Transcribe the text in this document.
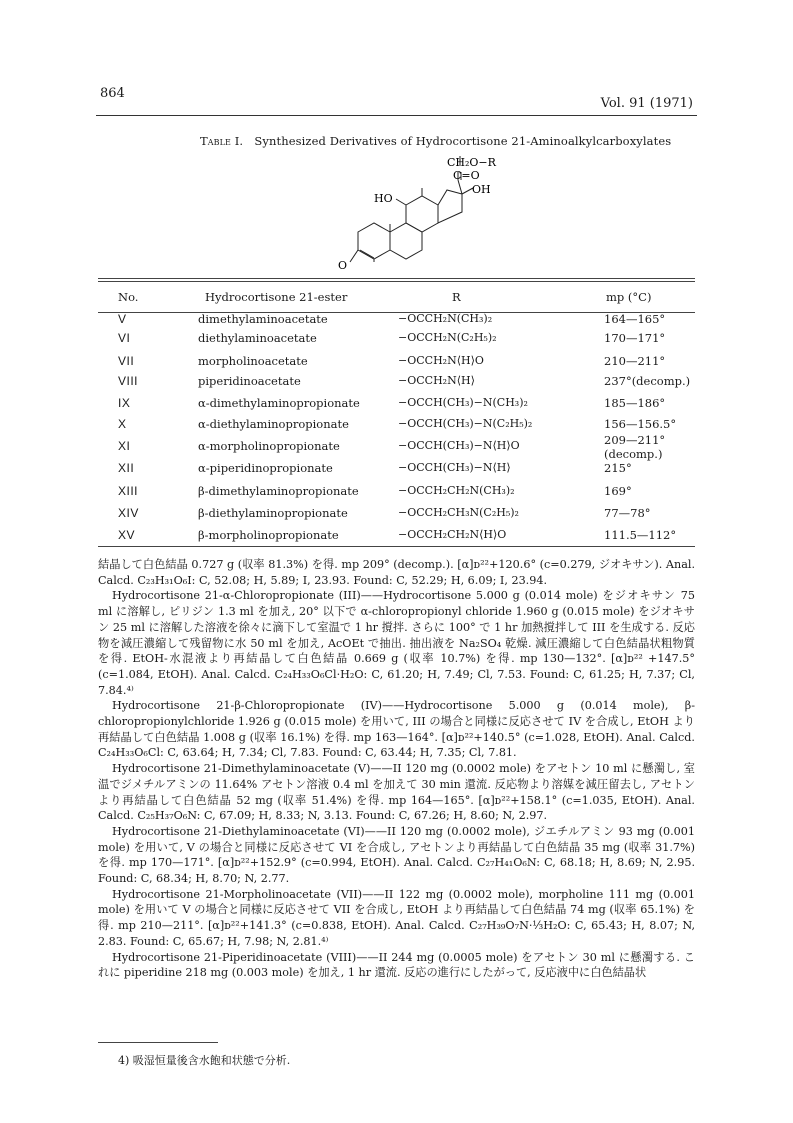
864
Vol. 91 (1971)
Table I. Synthesized Derivatives of Hydrocortisone 21-Aminoalkylcarboxylates
CH₂O−R
C=O
OH
HO
O
No.	Hydrocortisone 21-ester	R	mp (°C)
V	dimethylaminoacetate	−OCCH₂N(CH₃)₂	164—165°
VI	diethylaminoacetate	−OCCH₂N(C₂H₅)₂	170—171°
VII	morpholinoacetate	−OCCH₂N⟨H⟩O	210—211°
VIII	piperidinoacetate	−OCCH₂N⟨H⟩	237°(decomp.)
IX	α-dimethylaminopropionate	−OCCH(CH₃)−N(CH₃)₂	185—186°
X	α-diethylaminopropionate	−OCCH(CH₃)−N(C₂H₅)₂	156—156.5°
XI	α-morpholinopropionate	−OCCH(CH₃)−N⟨H⟩O	209—211°
(decomp.)
XII	α-piperidinopropionate	−OCCH(CH₃)−N⟨H⟩	215°
XIII	β-dimethylaminopropionate	−OCCH₂CH₂N(CH₃)₂	169°
XIV	β-diethylaminopropionate	−OCCH₂CH₃N(C₂H₅)₂	77—78°
XV	β-morpholinopropionate	−OCCH₂CH₂N⟨H⟩O	111.5—112°

結晶して白色結晶 0.727 g (収率 81.3%) を得. mp 209° (decomp.). [α]ᴅ²²+120.6° (c=0.279, ジオキサン). Anal. Calcd. C₂₃H₃₁O₆I: C, 52.08; H, 5.89; I, 23.93. Found: C, 52.29; H, 6.09; I, 23.94.

Hydrocortisone 21-α-Chloropropionate (III)——Hydrocortisone 5.000 g (0.014 mole) をジオキサン 75 ml に溶解し, ピリジン 1.3 ml を加え, 20° 以下で α-chloropropionyl chloride 1.960 g (0.015 mole) をジオキサン 25 ml に溶解した溶液を徐々に滴下して室温で 1 hr 撹拌. さらに 100° で 1 hr 加熱撹拌して III を生成する. 反応物を減圧濃縮して残留物に水 50 ml を加え, AcOEt で抽出. 抽出液を Na₂SO₄ 乾燥. 減圧濃縮して白色結晶状粗物質を得. EtOH-水混液より再結晶して白色結晶 0.669 g (収率 10.7%) を得. mp 130—132°. [α]ᴅ²² +147.5° (c=1.084, EtOH). Anal. Calcd. C₂₄H₃₃O₆Cl·H₂O: C, 61.20; H, 7.49; Cl, 7.53. Found: C, 61.25; H, 7.37; Cl, 7.84.⁴⁾

Hydrocortisone 21-β-Chloropropionate (IV)——Hydrocortisone 5.000 g (0.014 mole), β-chloropropionylchloride 1.926 g (0.015 mole) を用いて, III の場合と同様に反応させて IV を合成し, EtOH より再結晶して白色結晶 1.008 g (収率 16.1%) を得. mp 163—164°. [α]ᴅ²²+140.5° (c=1.028, EtOH). Anal. Calcd. C₂₄H₃₃O₆Cl: C, 63.64; H, 7.34; Cl, 7.83. Found: C, 63.44; H, 7.35; Cl, 7.81.

Hydrocortisone 21-Dimethylaminoacetate (V)——II 120 mg (0.0002 mole) をアセトン 10 ml に懸濁し, 室温でジメチルアミンの 11.64% アセトン溶液 0.4 ml を加えて 30 min 還流. 反応物より溶媒を減圧留去し, アセトンより再結晶して白色結晶 52 mg (収率 51.4%) を得. mp 164—165°. [α]ᴅ²²+158.1° (c=1.035, EtOH). Anal. Calcd. C₂₅H₃₇O₆N: C, 67.09; H, 8.33; N, 3.13. Found: C, 67.26; H, 8.60; N, 2.97.

Hydrocortisone 21-Diethylaminoacetate (VI)——II 120 mg (0.0002 mole), ジエチルアミン 93 mg (0.001 mole) を用いて, V の場合と同様に反応させて VI を合成し, アセトンより再結晶して白色結晶 35 mg (収率 31.7%) を得. mp 170—171°. [α]ᴅ²²+152.9° (c=0.994, EtOH). Anal. Calcd. C₂₇H₄₁O₆N: C, 68.18; H, 8.69; N, 2.95. Found: C, 68.34; H, 8.70; N, 2.77.

Hydrocortisone 21-Morpholinoacetate (VII)——II 122 mg (0.0002 mole), morpholine 111 mg (0.001 mole) を用いて V の場合と同様に反応させて VII を合成し, EtOH より再結晶して白色結晶 74 mg (収率 65.1%) を得. mp 210—211°. [α]ᴅ²²+141.3° (c=0.838, EtOH). Anal. Calcd. C₂₇H₃₉O₇N·⅓H₂O: C, 65.43; H, 8.07; N, 2.83. Found: C, 65.67; H, 7.98; N, 2.81.⁴⁾

Hydrocortisone 21-Piperidinoacetate (VIII)——II 244 mg (0.0005 mole) をアセトン 30 ml に懸濁する. これに piperidine 218 mg (0.003 mole) を加え, 1 hr 還流. 反応の進行にしたがって, 反応液中に白色結晶状

4) 吸湿恒量後含水飽和状態で分析.
